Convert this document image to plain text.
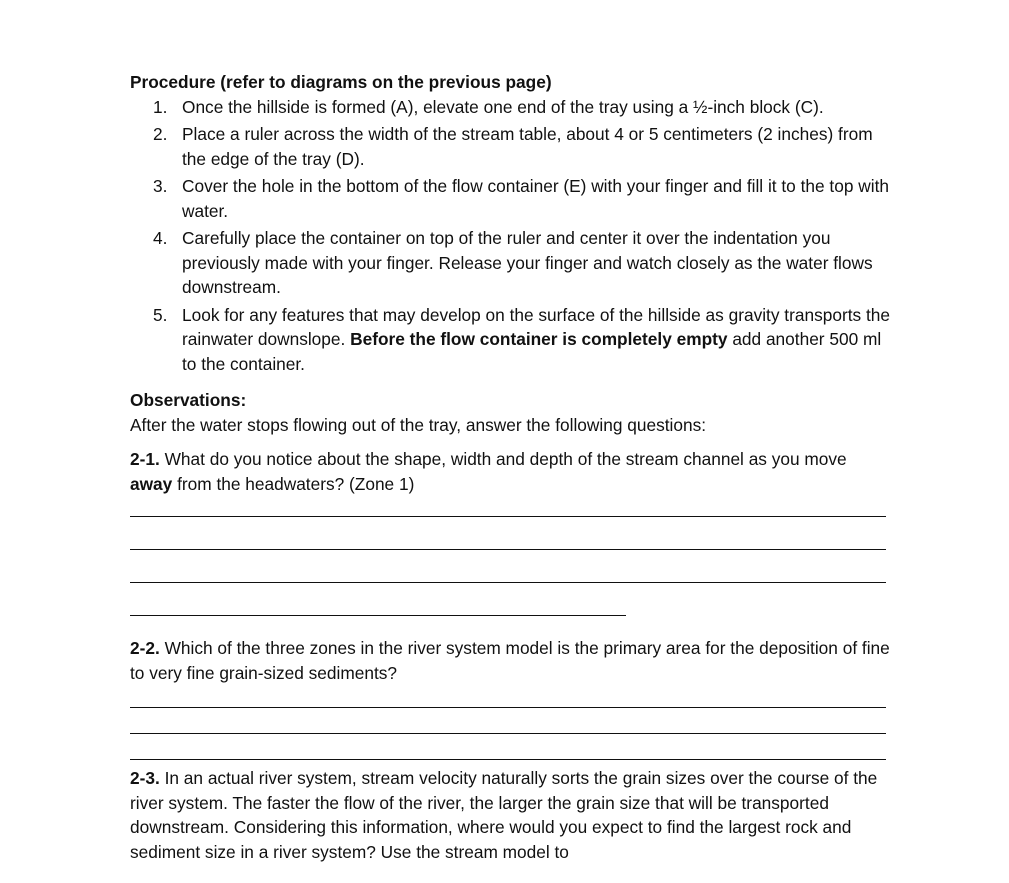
Procedure (refer to diagrams on the previous page)
1. Once the hillside is formed (A), elevate one end of the tray using a ½-inch block (C).
2. Place a ruler across the width of the stream table, about 4 or 5 centimeters (2 inches) from the edge of the tray (D).
3. Cover the hole in the bottom of the flow container (E) with your finger and fill it to the top with water.
4. Carefully place the container on top of the ruler and center it over the indentation you previously made with your finger. Release your finger and watch closely as the water flows downstream.
5. Look for any features that may develop on the surface of the hillside as gravity transports the rainwater downslope. Before the flow container is completely empty add another 500 ml to the container.
Observations:
After the water stops flowing out of the tray, answer the following questions:
2-1. What do you notice about the shape, width and depth of the stream channel as you move away from the headwaters? (Zone 1)
2-2. Which of the three zones in the river system model is the primary area for the deposition of fine to very fine grain-sized sediments?
2-3. In an actual river system, stream velocity naturally sorts the grain sizes over the course of the river system. The faster the flow of the river, the larger the grain size that will be transported downstream. Considering this information, where would you expect to find the largest rock and sediment size in a river system? Use the stream model to
